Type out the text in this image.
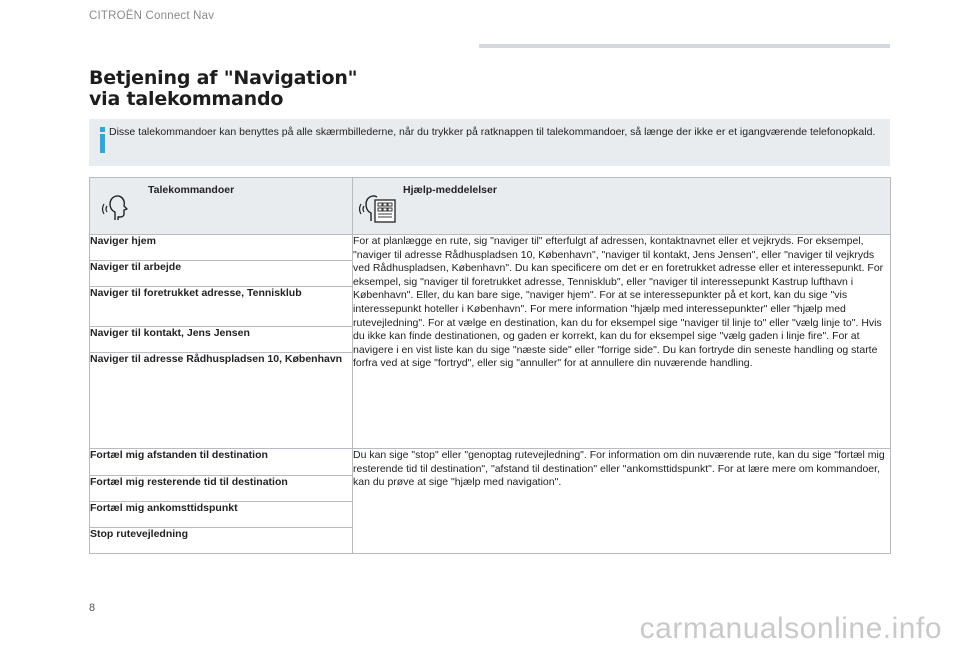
CITROËN Connect Nav
Betjening af "Navigation"
via talekommando
Disse talekommandoer kan benyttes på alle skærmbillederne, når du trykker på ratknappen til talekommandoer, så længe der ikke er et igangværende telefonopkald.
Talekommandoer	Hjælp-meddelelser

Naviger hjem	For at planlægge en rute, sig "naviger til" efterfulgt af adressen, kontaktnavnet eller et vejkryds. For eksempel, "naviger til adresse Rådhuspladsen 10, København", "naviger til kontakt, Jens Jensen", eller "naviger til vejkryds ved Rådhuspladsen, København". Du kan specificere om det er en foretrukket adresse eller et interessepunkt. For eksempel, sig "naviger til foretrukket adresse, Tennisklub", eller "naviger til interessepunkt Kastrup lufthavn i København". Eller, du kan bare sige, "naviger hjem". For at se interessepunkter på et kort, kan du sige "vis interessepunkt hoteller i København". For mere information "hjælp med interessepunkter" eller "hjælp med rutevejledning". For at vælge en destination, kan du for eksempel sige "naviger til linje to" eller "vælg linje to". Hvis du ikke kan finde destinationen, og gaden er korrekt, kan du for eksempel sige "vælg gaden i linje fire". For at navigere i en vist liste kan du sige "næste side" eller "forrige side". Du kan fortryde din seneste handling og starte forfra ved at sige "fortryd", eller sig "annuller" for at annullere din nuværende handling.
Naviger til arbejde	
Naviger til foretrukket adresse, Tennisklub	
Naviger til kontakt, Jens Jensen	
Naviger til adresse Rådhuspladsen 10, København	
Fortæl mig afstanden til destination	Du kan sige "stop" eller "genoptag rutevejledning". For information om din nuværende rute, kan du sige "fortæl mig resterende tid til destination", "afstand til destination" eller "ankomsttidspunkt". For at lære mere om kommandoer, kan du prøve at sige "hjælp med navigation".
Fortæl mig resterende tid til destination	
Fortæl mig ankomsttidspunkt	
Stop rutevejledning	
8
carmanualsonline.info
